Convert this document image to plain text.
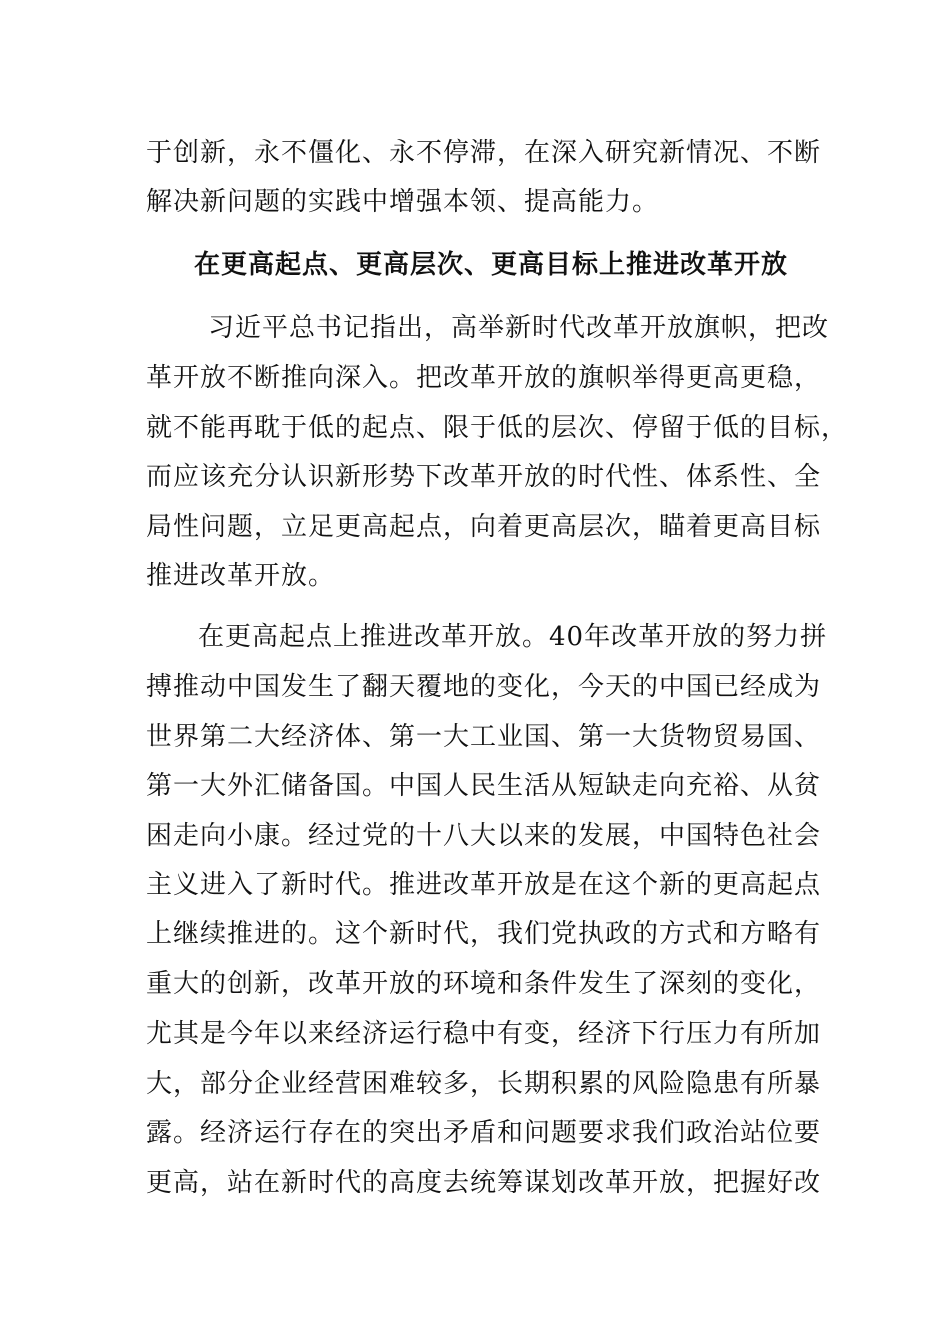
于创新，永不僵化、永不停滞，在深入研究新情况、不断
解决新问题的实践中增强本领、提高能力。
在更高起点、更高层次、更高目标上推进改革开放
习近平总书记指出，高举新时代改革开放旗帜，把改
革开放不断推向深入。把改革开放的旗帜举得更高更稳，
就不能再耽于低的起点、限于低的层次、停留于低的目标，
而应该充分认识新形势下改革开放的时代性、体系性、全
局性问题，立足更高起点，向着更高层次，瞄着更高目标
推进改革开放。
在更高起点上推进改革开放。40年改革开放的努力拼
搏推动中国发生了翻天覆地的变化，今天的中国已经成为
世界第二大经济体、第一大工业国、第一大货物贸易国、
第一大外汇储备国。中国人民生活从短缺走向充裕、从贫
困走向小康。经过党的十八大以来的发展，中国特色社会
主义进入了新时代。推进改革开放是在这个新的更高起点
上继续推进的。这个新时代，我们党执政的方式和方略有
重大的创新，改革开放的环境和条件发生了深刻的变化，
尤其是今年以来经济运行稳中有变，经济下行压力有所加
大，部分企业经营困难较多，长期积累的风险隐患有所暴
露。经济运行存在的突出矛盾和问题要求我们政治站位要
更高，站在新时代的高度去统筹谋划改革开放，把握好改
